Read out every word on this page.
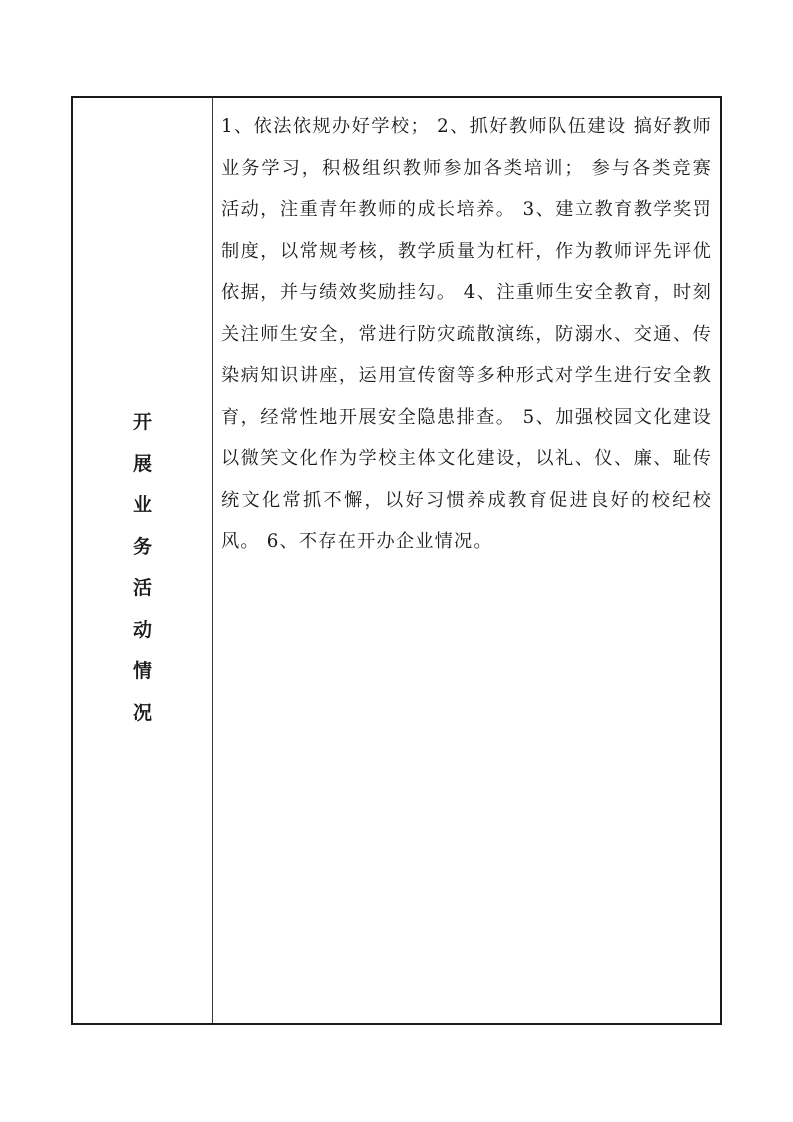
开
展
业
务
活
动
情
况

1、依法依规办好学校； 2、抓好教师队伍建设 搞好教师业务学习，积极组织教师参加各类培训； 参与各类竞赛活动，注重青年教师的成长培养。 3、建立教育教学奖罚制度，以常规考核，教学质量为杠杆，作为教师评先评优依据，并与绩效奖励挂勾。 4、注重师生安全教育，时刻关注师生安全，常进行防灾疏散演练，防溺水、交通、传染病知识讲座，运用宣传窗等多种形式对学生进行安全教育，经常性地开展安全隐患排查。 5、加强校园文化建设 以微笑文化作为学校主体文化建设，以礼、仪、廉、耻传统文化常抓不懈，以好习惯养成教育促进良好的校纪校风。 6、不存在开办企业情况。
